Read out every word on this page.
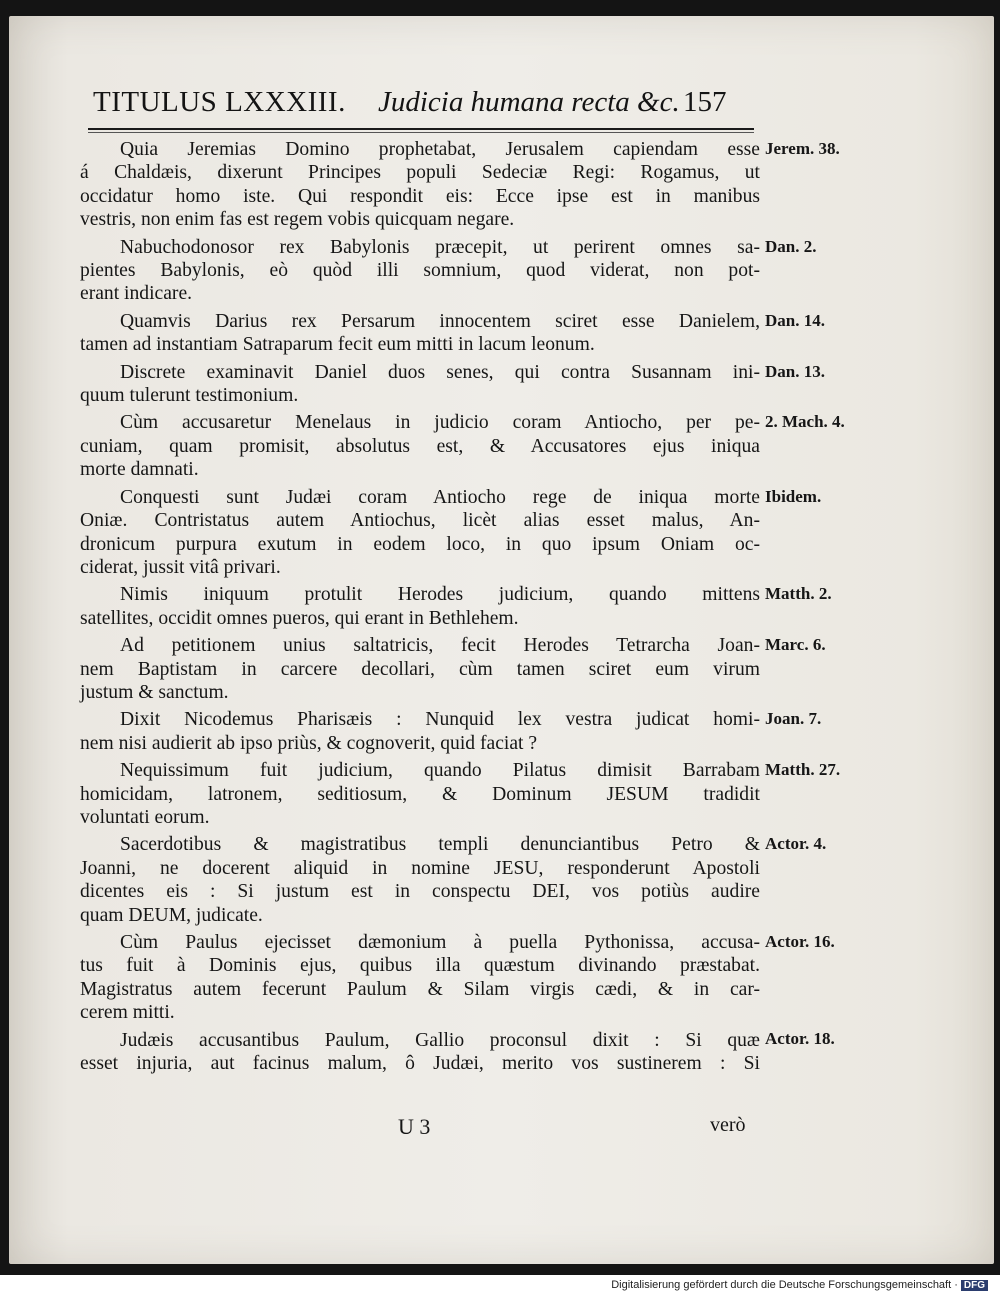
TITULUS LXXXIII. Judicia humana recta &c. 157
Quia Jeremias Domino prophetabat, Jerusalem capiendam esse
á Chaldæis, dixerunt Principes populi Sedeciæ Regi: Rogamus, ut
occidatur homo iste. Qui respondit eis: Ecce ipse est in manibus
vestris, non enim fas est regem vobis quicquam negare.
Nabuchodonosor rex Babylonis præcepit, ut perirent omnes sa-
pientes Babylonis, eò quòd illi somnium, quod viderat, non pot-
erant indicare.
Quamvis Darius rex Persarum innocentem sciret esse Danielem,
tamen ad instantiam Satraparum fecit eum mitti in lacum leonum.
Discrete examinavit Daniel duos senes, qui contra Susannam ini-
quum tulerunt testimonium.
Cùm accusaretur Menelaus in judicio coram Antiocho, per pe-
cuniam, quam promisit, absolutus est, & Accusatores ejus iniqua
morte damnati.
Conquesti sunt Judæi coram Antiocho rege de iniqua morte
Oniæ. Contristatus autem Antiochus, licèt alias esset malus, An-
dronicum purpura exutum in eodem loco, in quo ipsum Oniam oc-
ciderat, jussit vitâ privari.
Nimis iniquum protulit Herodes judicium, quando mittens
satellites, occidit omnes pueros, qui erant in Bethlehem.
Ad petitionem unius saltatricis, fecit Herodes Tetrarcha Joan-
nem Baptistam in carcere decollari, cùm tamen sciret eum virum
justum & sanctum.
Dixit Nicodemus Pharisæis : Nunquid lex vestra judicat homi-
nem nisi audierit ab ipso priùs, & cognoverit, quid faciat ?
Nequissimum fuit judicium, quando Pilatus dimisit Barrabam
homicidam, latronem, seditiosum, & Dominum JESUM tradidit
voluntati eorum.
Sacerdotibus & magistratibus templi denunciantibus Petro &
Joanni, ne docerent aliquid in nomine JESU, responderunt Apostoli
dicentes eis : Si justum est in conspectu DEI, vos potiùs audire
quam DEUM, judicate.
Cùm Paulus ejecisset dæmonium à puella Pythonissa, accusa-
tus fuit à Dominis ejus, quibus illa quæstum divinando præstabat.
Magistratus autem fecerunt Paulum & Silam virgis cædi, & in car-
cerem mitti.
Judæis accusantibus Paulum, Gallio proconsul dixit : Si quæ
esset injuria, aut facinus malum, ô Judæi, merito vos sustinerem : Si
Jerem. 38.
Dan. 2.
Dan. 14.
Dan. 13.
2. Mach. 4.
Ibidem.
Matth. 2.
Marc. 6.
Joan. 7.
Matth. 27.
Actor. 4.
Actor. 16.
Actor. 18.
U 3	verò
Digitalisierung gefördert durch die Deutsche Forschungsgemeinschaft · DFG
